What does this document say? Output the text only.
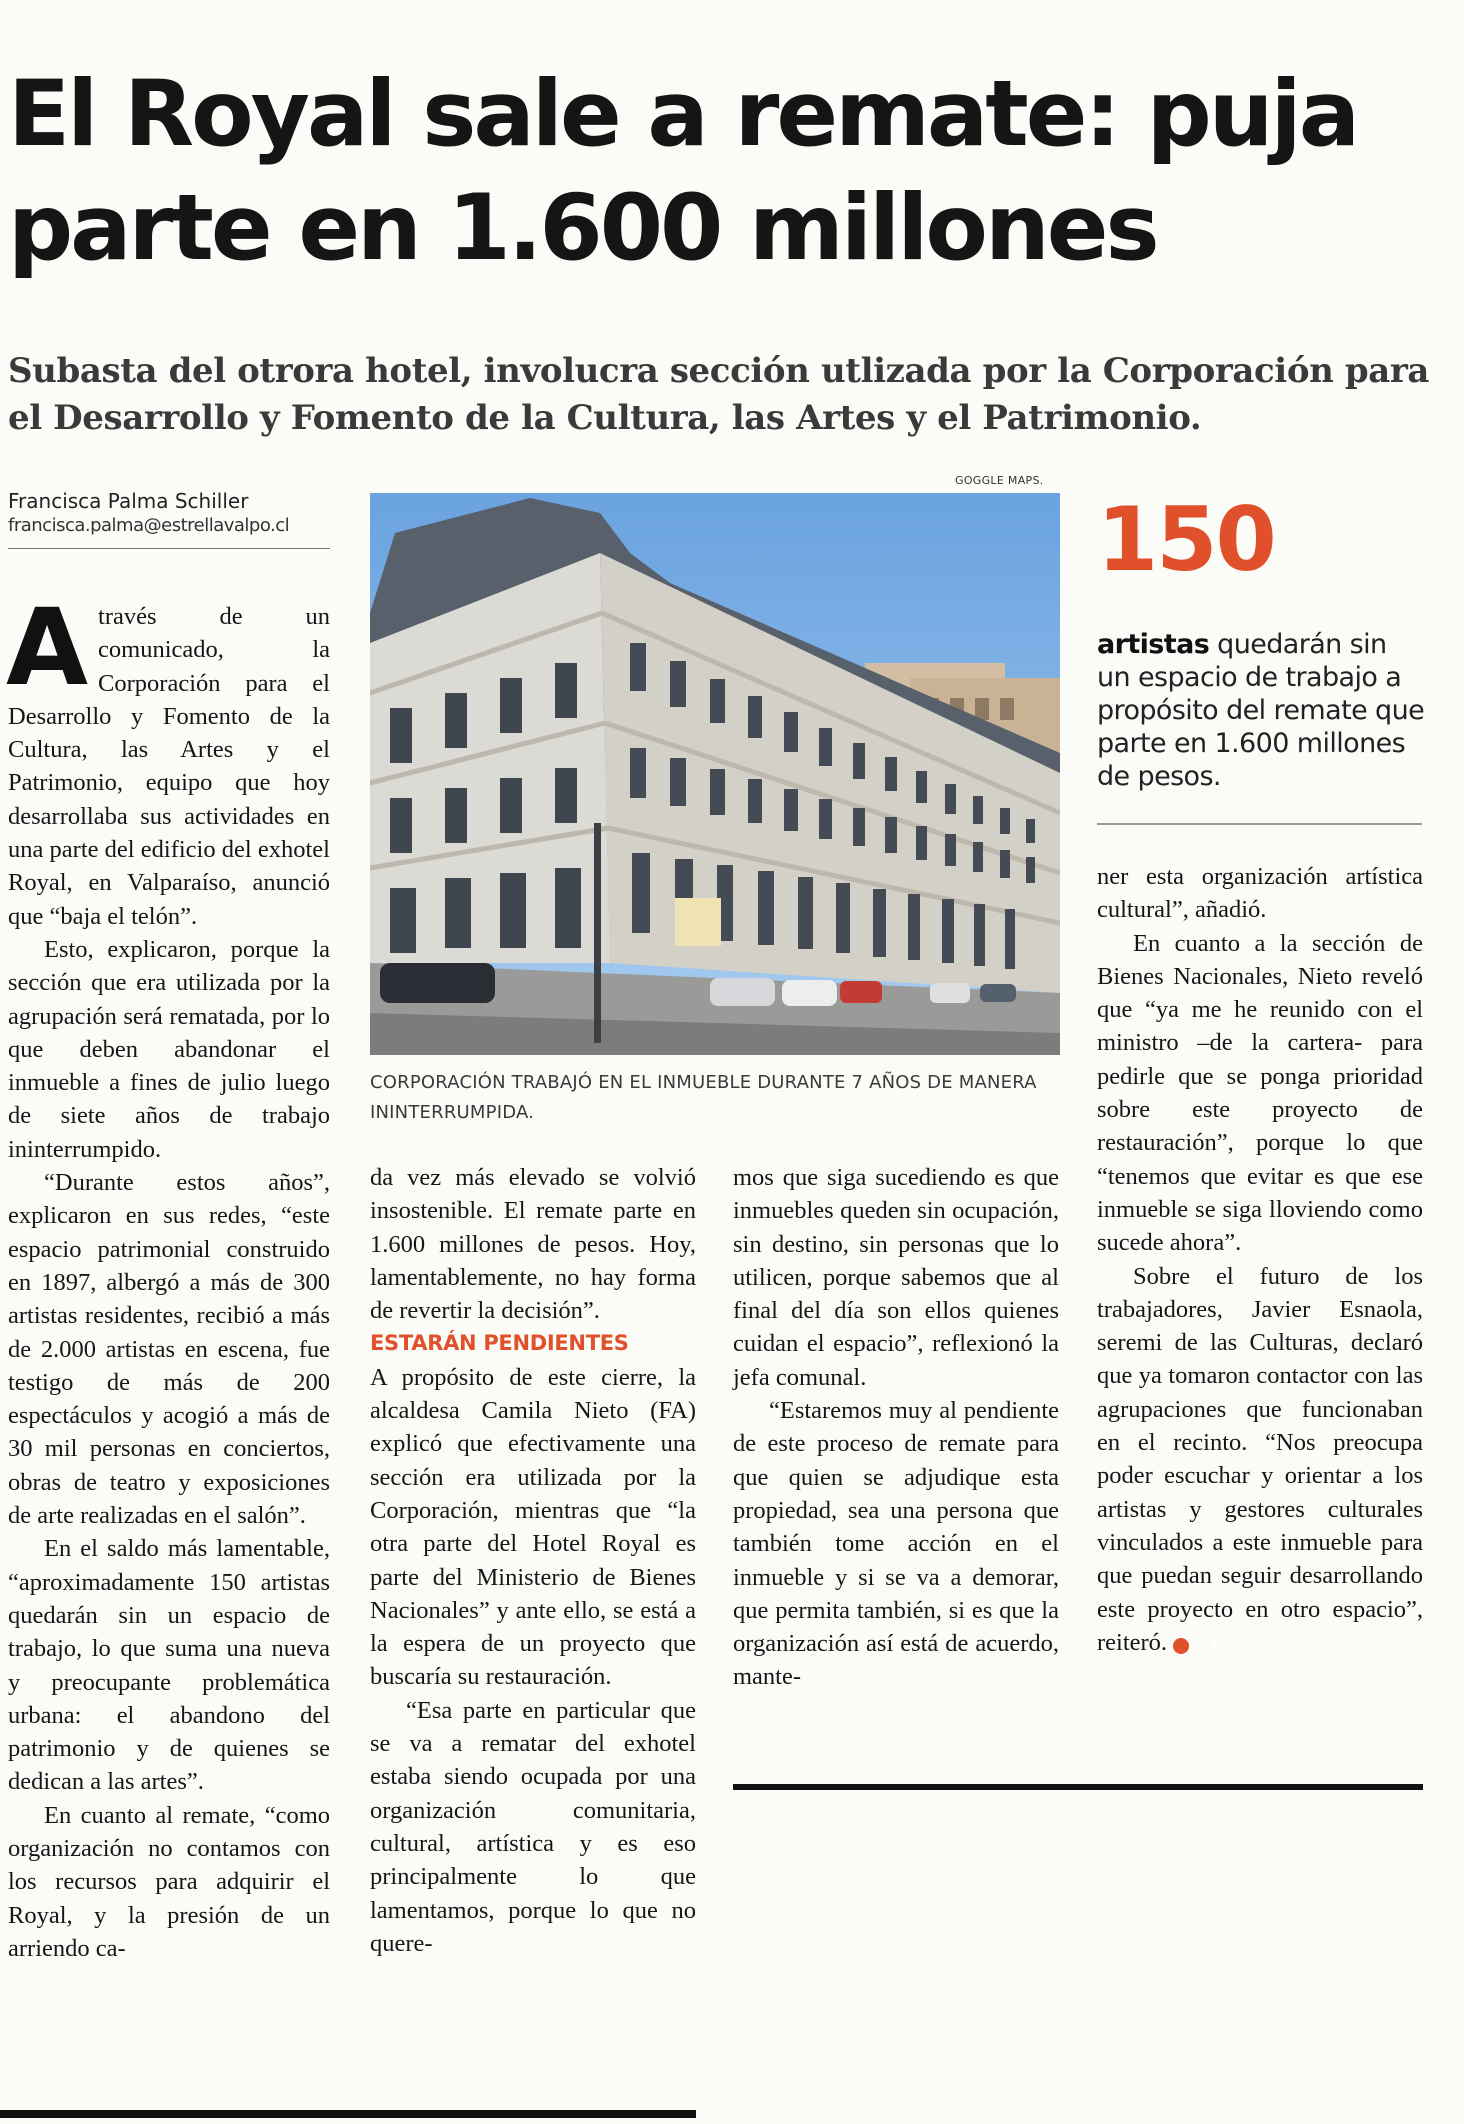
El Royal sale a remate: puja parte en 1.600 millones
Subasta del otrora hotel, involucra sección utlizada por la Corporación para el Desarrollo y Fomento de la Cultura, las Artes y el Patrimonio.
Francisca Palma Schiller
francisca.palma@estrellavalpo.cl

Através de un comunicado, la Corporación para el Desarrollo y Fomento de la Cultura, las Artes y el Patrimonio, equipo que hoy desarrollaba sus actividades en una parte del edificio del exhotel Royal, en Valparaíso, anunció que “baja el telón”.

Esto, explicaron, porque la sección que era utilizada por la agrupación será rematada, por lo que deben abandonar el inmueble a fines de julio luego de siete años de trabajo ininterrumpido.

“Durante estos años”, explicaron en sus redes, “este espacio patrimonial construido en 1897, albergó a más de 300 artistas residentes, recibió a más de 2.000 artistas en escena, fue testigo de más de 200 espectáculos y acogió a más de 30 mil personas en conciertos, obras de teatro y exposiciones de arte realizadas en el salón”.

En el saldo más lamentable, “aproximadamente 150 artistas quedarán sin un espacio de trabajo, lo que suma una nueva y preocupante problemática urbana: el abandono del patrimonio y de quienes se dedican a las artes”.

En cuanto al remate, “como organización no contamos con los recursos para adquirir el Royal, y la presión de un arriendo ca-

GOGGLE MAPS.
CORPORACIÓN TRABAJÓ EN EL INMUEBLE DURANTE 7 AÑOS DE MANERA ININTERRUMPIDA.
150
artistas quedarán sin un espacio de trabajo a propósito del remate que parte en 1.600 millones de pesos.

da vez más elevado se volvió insostenible. El remate parte en 1.600 millones de pesos. Hoy, lamentablemente, no hay forma de revertir la decisión”.

ESTARÁN PENDIENTES

A propósito de este cierre, la alcaldesa Camila Nieto (FA) explicó que efectivamente una sección era utilizada por la Corporación, mientras que “la otra parte del Hotel Royal es parte del Ministerio de Bienes Nacionales” y ante ello, se está a la espera de un proyecto que buscaría su restauración.

“Esa parte en particular que se va a rematar del exhotel estaba siendo ocupada por una organización comunitaria, cultural, artística y es eso principalmente lo que lamentamos, porque lo que no quere-

mos que siga sucediendo es que inmuebles queden sin ocupación, sin destino, sin personas que lo utilicen, porque sabemos que al final del día son ellos quienes cuidan el espacio”, reflexionó la jefa comunal.

“Estaremos muy al pendiente de este proceso de remate para que quien se adjudique esta propiedad, sea una persona que también tome acción en el inmueble y si se va a demorar, que permita también, si es que la organización así está de acuerdo, mante-

ner esta organización artística cultural”, añadió.

En cuanto a la sección de Bienes Nacionales, Nieto reveló que “ya me he reunido con el ministro –de la cartera- para pedirle que se ponga prioridad sobre este proyecto de restauración”, porque lo que “tenemos que evitar es que ese inmueble se siga lloviendo como sucede ahora”.

Sobre el futuro de los trabajadores, Javier Esnaola, seremi de las Culturas, declaró que ya tomaron contactor con las agrupaciones que funcionaban en el recinto. “Nos preocupa poder escuchar y orientar a los artistas y gestores culturales vinculados a este inmueble para que puedan seguir desarrollando este proyecto en otro espacio”, reiteró.	✦
